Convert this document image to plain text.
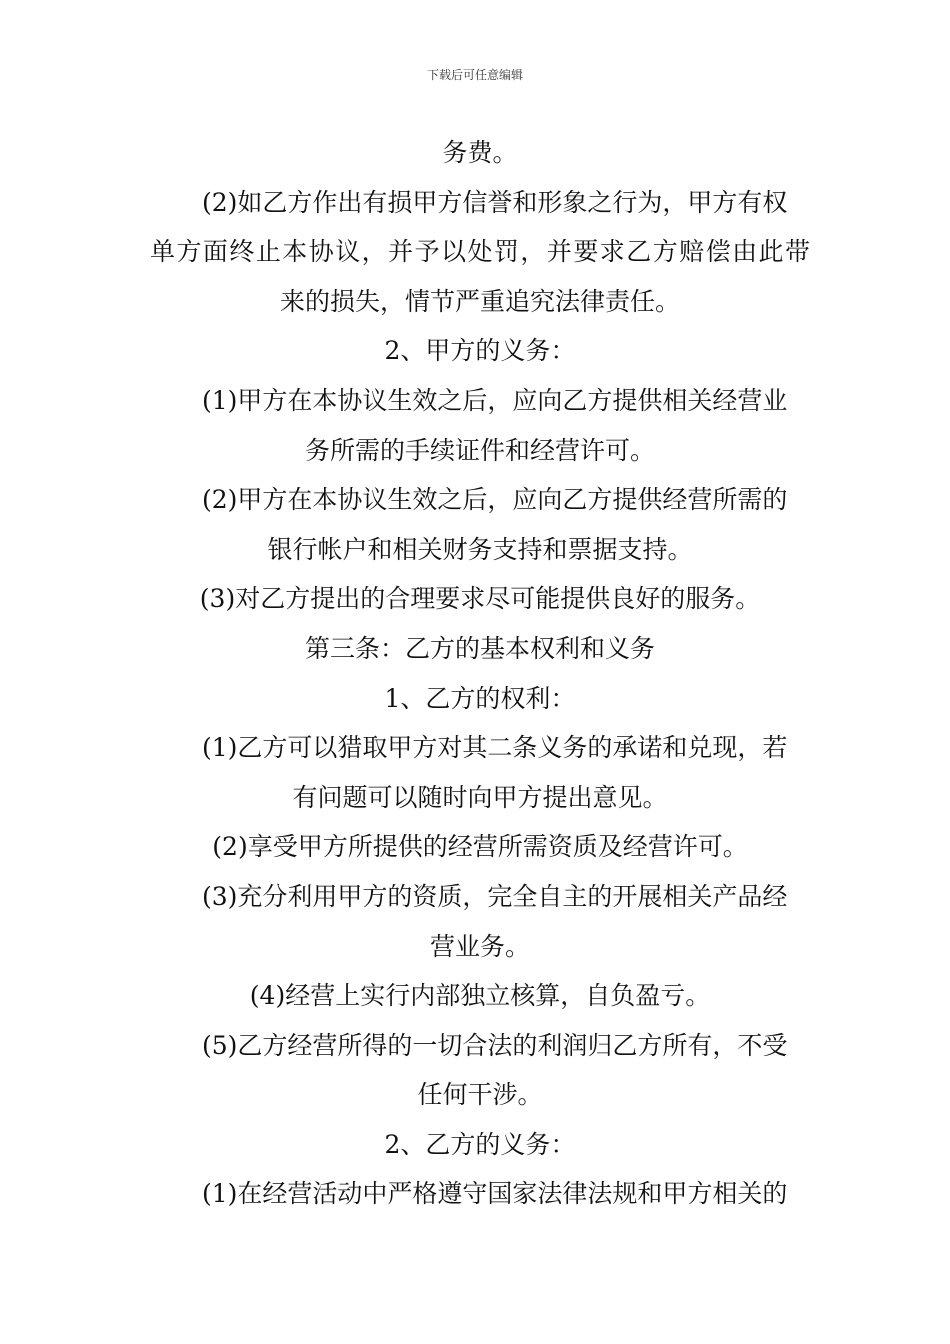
下载后可任意编辑
务费。
(2)如乙方作出有损甲方信誉和形象之行为，甲方有权
单方面终止本协议，并予以处罚，并要求乙方赔偿由此带
来的损失，情节严重追究法律责任。
2、甲方的义务：
(1)甲方在本协议生效之后，应向乙方提供相关经营业
务所需的手续证件和经营许可。
(2)甲方在本协议生效之后，应向乙方提供经营所需的
银行帐户和相关财务支持和票据支持。
(3)对乙方提出的合理要求尽可能提供良好的服务。
第三条：乙方的基本权利和义务
1、乙方的权利：
(1)乙方可以猎取甲方对其二条义务的承诺和兑现，若
有问题可以随时向甲方提出意见。
(2)享受甲方所提供的经营所需资质及经营许可。
(3)充分利用甲方的资质，完全自主的开展相关产品经
营业务。
(4)经营上实行内部独立核算，自负盈亏。
(5)乙方经营所得的一切合法的利润归乙方所有，不受
任何干涉。
2、乙方的义务：
(1)在经营活动中严格遵守国家法律法规和甲方相关的
